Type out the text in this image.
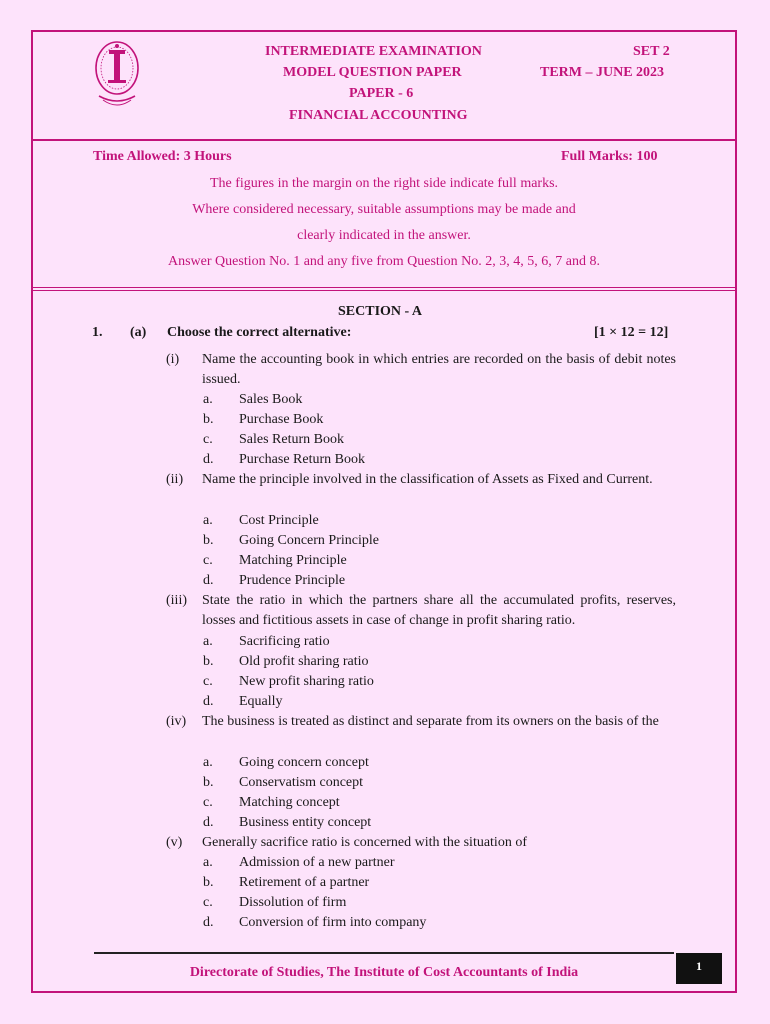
INTERMEDIATE EXAMINATION	SET 2
MODEL QUESTION PAPER	TERM – JUNE 2023
PAPER - 6
FINANCIAL ACCOUNTING
Time Allowed: 3 Hours	Full Marks: 100
The figures in the margin on the right side indicate full marks.
Where considered necessary, suitable assumptions may be made and
clearly indicated in the answer.
Answer Question No. 1 and any five from Question No. 2, 3, 4, 5, 6, 7 and 8.
SECTION - A
1. (a) Choose the correct alternative:	[1 × 12 = 12]
(i) Name the accounting book in which entries are recorded on the basis of debit notes issued.
a. Sales Book
b. Purchase Book
c. Sales Return Book
d. Purchase Return Book
(ii) Name the principle involved in the classification of Assets as Fixed and Current.
a. Cost Principle
b. Going Concern Principle
c. Matching Principle
d. Prudence Principle
(iii) State the ratio in which the partners share all the accumulated profits, reserves, losses and fictitious assets in case of change in profit sharing ratio.
a. Sacrificing ratio
b. Old profit sharing ratio
c. New profit sharing ratio
d. Equally
(iv) The business is treated as distinct and separate from its owners on the basis of the
a. Going concern concept
b. Conservatism concept
c. Matching concept
d. Business entity concept
(v) Generally sacrifice ratio is concerned with the situation of
a. Admission of a new partner
b. Retirement of a partner
c. Dissolution of firm
d. Conversion of firm into company
Directorate of Studies, The Institute of Cost Accountants of India	1
